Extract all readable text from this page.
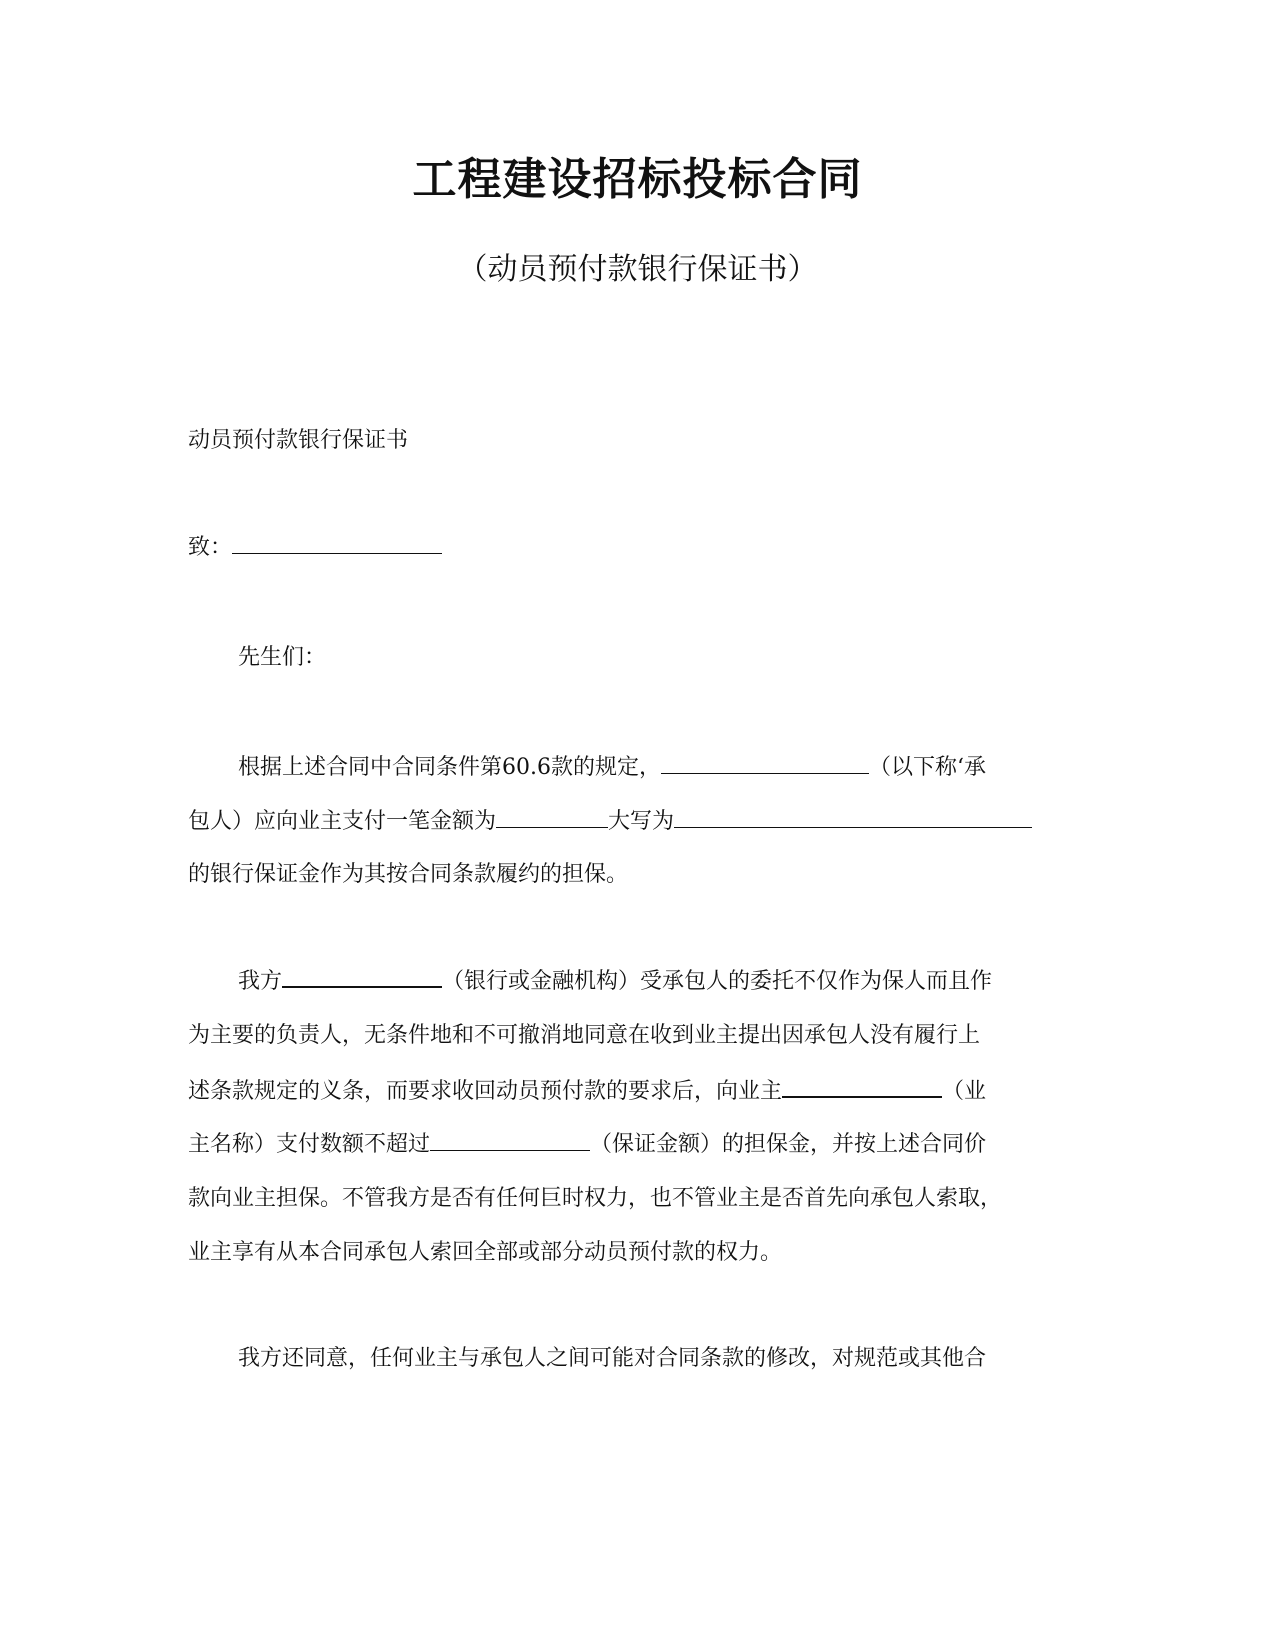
工程建设招标投标合同
（动员预付款银行保证书）
动员预付款银行保证书
致：
先生们：
根据上述合同中合同条件第60.6款的规定，	（以下称‘承
包人）应向业主支付一笔金额为	大写为
的银行保证金作为其按合同条款履约的担保。
我方	（银行或金融机构）受承包人的委托不仅作为保人而且作
为主要的负责人，无条件地和不可撤消地同意在收到业主提出因承包人没有履行上
述条款规定的义条，而要求收回动员预付款的要求后，向业主	（业
主名称）支付数额不超过	（保证金额）的担保金，并按上述合同价
款向业主担保。不管我方是否有任何巨时权力，也不管业主是否首先向承包人索取，
业主享有从本合同承包人索回全部或部分动员预付款的权力。
我方还同意，任何业主与承包人之间可能对合同条款的修改，对规范或其他合
